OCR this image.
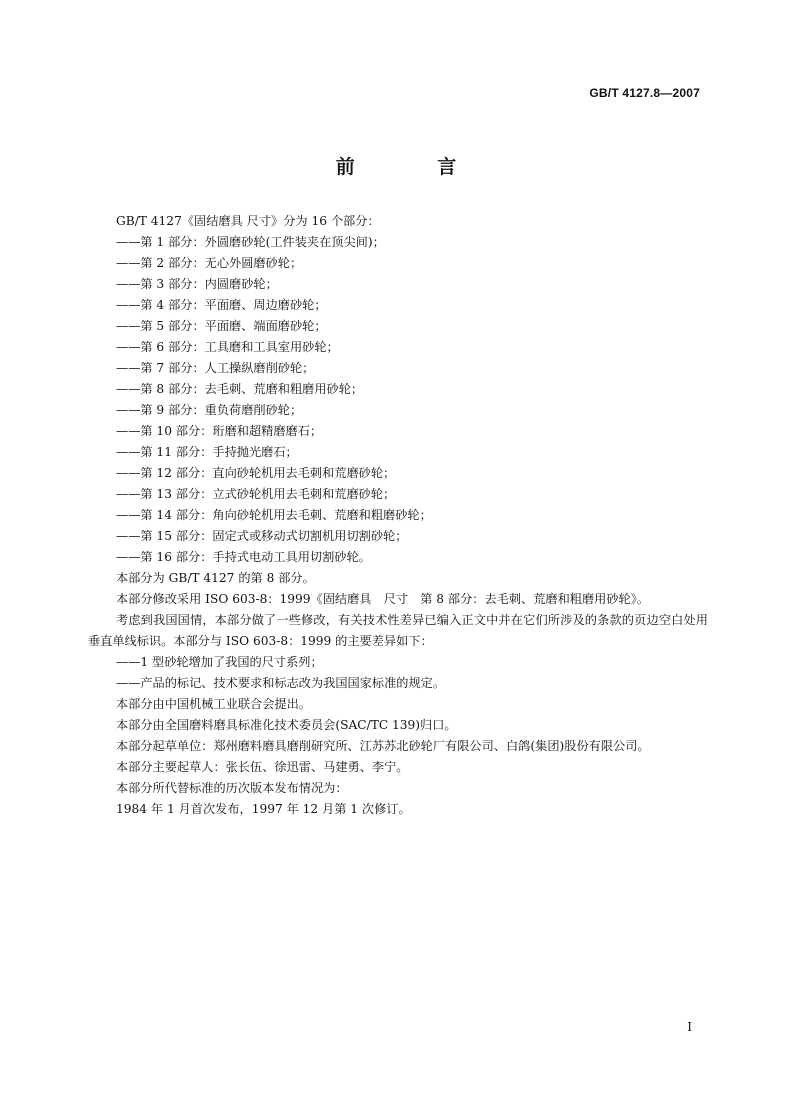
GB/T 4127.8—2007
前 言
GB/T 4127《固结磨具 尺寸》分为 16 个部分：
——第 1 部分：外圆磨砂轮(工件装夹在顶尖间)；
——第 2 部分：无心外圆磨砂轮；
——第 3 部分：内圆磨砂轮；
——第 4 部分：平面磨、周边磨砂轮；
——第 5 部分：平面磨、端面磨砂轮；
——第 6 部分：工具磨和工具室用砂轮；
——第 7 部分：人工操纵磨削砂轮；
——第 8 部分：去毛刺、荒磨和粗磨用砂轮；
——第 9 部分：重负荷磨削砂轮；
——第 10 部分：珩磨和超精磨磨石；
——第 11 部分：手持抛光磨石；
——第 12 部分：直向砂轮机用去毛刺和荒磨砂轮；
——第 13 部分：立式砂轮机用去毛刺和荒磨砂轮；
——第 14 部分：角向砂轮机用去毛刺、荒磨和粗磨砂轮；
——第 15 部分：固定式或移动式切割机用切割砂轮；
——第 16 部分：手持式电动工具用切割砂轮。
本部分为 GB/T 4127 的第 8 部分。
本部分修改采用 ISO 603-8：1999《固结磨具　尺寸　第 8 部分：去毛刺、荒磨和粗磨用砂轮》。
考虑到我国国情，本部分做了一些修改，有关技术性差异已编入正文中并在它们所涉及的条款的页边空白处用垂直单线标识。本部分与 ISO 603-8：1999 的主要差异如下：
——1 型砂轮增加了我国的尺寸系列；
——产品的标记、技术要求和标志改为我国国家标准的规定。
本部分由中国机械工业联合会提出。
本部分由全国磨料磨具标准化技术委员会(SAC/TC 139)归口。
本部分起草单位：郑州磨料磨具磨削研究所、江苏苏北砂轮厂有限公司、白鸽(集团)股份有限公司。
本部分主要起草人：张长伍、徐迅雷、马建勇、李宁。
本部分所代替标准的历次版本发布情况为：
1984 年 1 月首次发布，1997 年 12 月第 1 次修订。
I
